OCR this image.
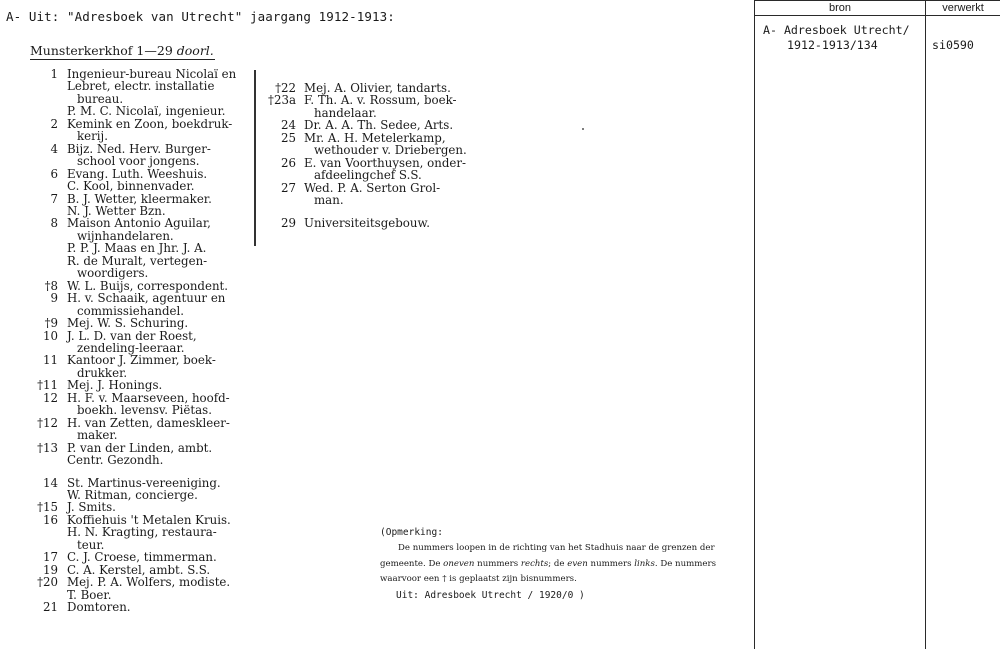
A- Uit: "Adresboek van Utrecht" jaargang 1912-1913:
Munsterkerkhof 1—29 doorl.
1 Ingenieur-bureau Nicolaï en
Lebret, electr. installatie
bureau.
P. M. C. Nicolaï, ingenieur.
2 Kemink en Zoon, boekdruk-
kerij.
4 Bijz. Ned. Herv. Burger-
school voor jongens.
6 Evang. Luth. Weeshuis.
C. Kool, binnenvader.
7 B. J. Wetter, kleermaker.
N. J. Wetter Bzn.
8 Maison Antonio Aguilar,
wijnhandelaren.
P. P. J. Maas en Jhr. J. A.
R. de Muralt, vertegen-
woordigers.
†8 W. L. Buijs, correspondent.
9 H. v. Schaaik, agentuur en
commissiehandel.
†9 Mej. W. S. Schuring.
10 J. L. D. van der Roest,
zendeling-leeraar.
11 Kantoor J. Zimmer, boek-
drukker.
†11 Mej. J. Honings.
12 H. F. v. Maarseveen, hoofd-
boekh. levensv. Piëtas.
†12 H. van Zetten, dameskleer-
maker.
†13 P. van der Linden, ambt.
Centr. Gezondh.
14 St. Martinus-vereeniging.
W. Ritman, concierge.
†15 J. Smits.
16 Koffiehuis 't Metalen Kruis.
H. N. Kragting, restaura-
teur.
17 C. J. Croese, timmerman.
19 C. A. Kerstel, ambt. S.S.
†20 Mej. P. A. Wolfers, modiste.
T. Boer.
21 Domtoren.
†22 Mej. A. Olivier, tandarts.
†23a F. Th. A. v. Rossum, boek-
handelaar.
24 Dr. A. A. Th. Sedee, Arts.
25 Mr. A. H. Metelerkamp,
wethouder v. Driebergen.
26 E. van Voorthuysen, onder-
afdeelingchef S.S.
27 Wed. P. A. Serton Grol-
man.
29 Universiteitsgebouw.
(Opmerking:
De nummers loopen in de richting van het Stadhuis naar de grenzen der
gemeente. De oneven nummers rechts; de even nummers links. De nummers
waarvoor een † is geplaatst zijn bisnummers.
Uit: Adresboek Utrecht / 1920/0 )
bron	verwerkt
A- Adresboek Utrecht/
1912-1913/134	si0590
